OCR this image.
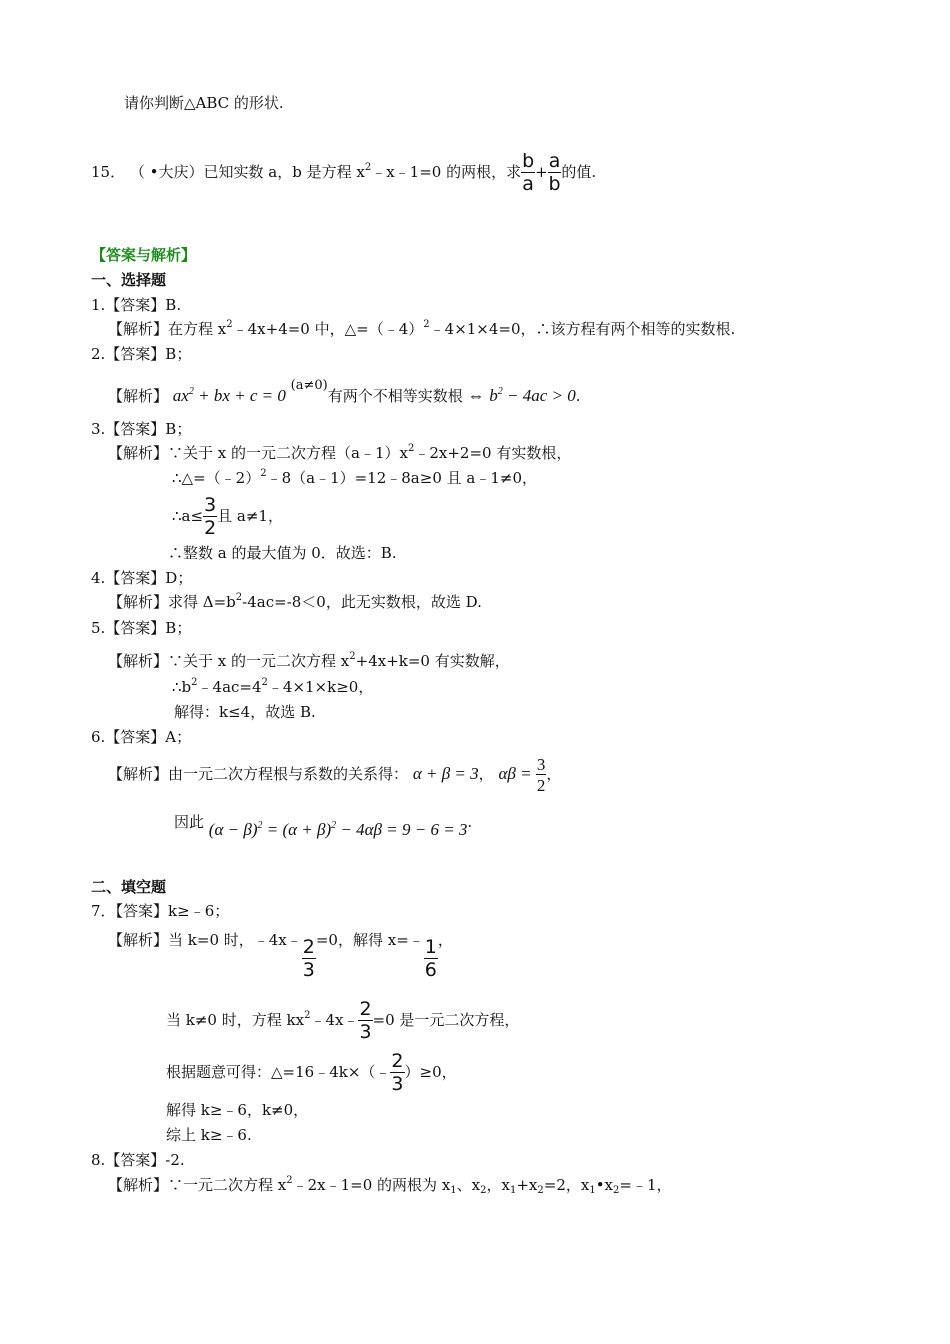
请你判断△ABC 的形状.
15． （ •大庆）已知实数 a，b 是方程 $x^2﹣x﹣1=0$ 的两根，求 $\frac{b}{a} + \frac{a}{b}$ 的值.
【答案与解析】
一、选择题
1.【答案】B.
【解析】在方程 $x^2﹣4x+4=0$ 中，△=（﹣4）$^2$﹣4×1×4=0，∴该方程有两个相等的实数根.
2.【答案】B；
【解析】 $ax^2$ + bx + c = 0 (a≠0)有两个不相等实数根 ⇔ $b^2 - 4ac > 0$.
3.【答案】B；
【解析】∵关于 x 的一元二次方程$(a﹣1)x^2﹣2x+2=0$ 有实数根，
∴△=（﹣2）$^2$﹣8（a﹣1）=12﹣8a≥0 且 a﹣1≠0，
∴a≤ $\frac{3}{2}$ 且 a≠1，
∴整数 a 的最大值为 0．故选：B.
4.【答案】D；
【解析】求得 $\Delta=b^2-4ac=-8<0$，此无实数根，故选 D.
5.【答案】B；
【解析】∵关于 x 的一元二次方程 $x^2+4x+k=0$ 有实数解，
$\therefore b^2﹣4ac=4^2﹣4\times 1\times k\ge 0$，
解得：k≤4，故选 B.
6.【答案】A；
【解析】由一元二次方程根与系数的关系得： α + β = 3， $\alpha\beta = \frac{3}{2}$ ，
因此 $(\alpha - \beta)^2 = (\alpha + \beta)^2 - 4\alpha\beta = 9 - 6 = 3$.
二、填空题
7．【答案】k≥﹣6；
【解析】当 k=0 时，﹣4x﹣ $\frac{2}{3} =0$，解得 x=﹣ $\frac{1}{6}$ ，
当 k≠0 时，方程 $kx^2﹣4x﹣ \frac{2}{3} =0$ 是一元二次方程，
根据题意可得：△=16﹣4k×（﹣ $\frac{2}{3} )\ge 0$，
解得 k≥﹣6，k≠0，
综上 k≥﹣6.
8.【答案】-2.
【解析】∵一元二次方程 $x^2﹣2x﹣1=0$ 的两根为 $x_1$、$x_2$，$x_1+x_2=2$，$x_1•x_2=﹣1$，
